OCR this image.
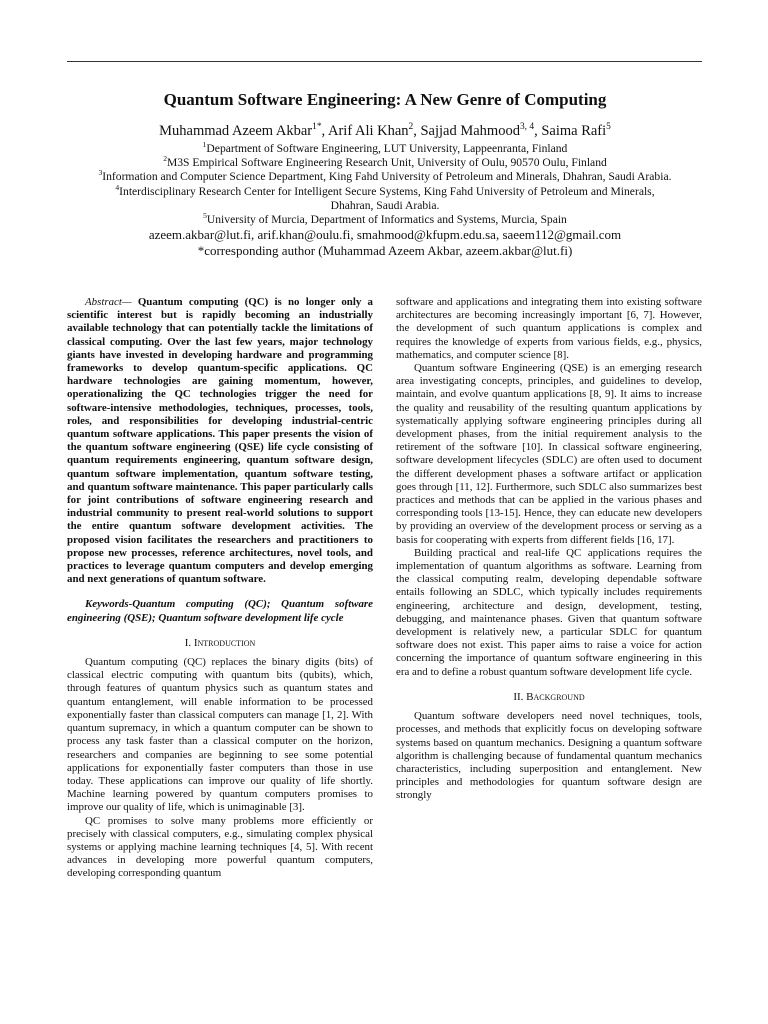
Quantum Software Engineering: A New Genre of Computing
Muhammad Azeem Akbar$^{1*}$, Arif Ali Khan$^2$, Sajjad Mahmood$^{3, 4}$, Saima Rafi$^5$

$^1$Department of Software Engineering, LUT University, Lappeenranta, Finland

$^2$M3S Empirical Software Engineering Research Unit, University of Oulu, 90570 Oulu, Finland

$^3$Information and Computer Science Department, King Fahd University of Petroleum and Minerals, Dhahran, Saudi Arabia.

$^4$Interdisciplinary Research Center for Intelligent Secure Systems, King Fahd University of Petroleum and Minerals, Dhahran, Saudi Arabia.

$^5$University of Murcia, Department of Informatics and Systems, Murcia, Spain

azeem.akbar@lut.fi, arif.khan@oulu.fi, smahmood@kfupm.edu.sa, saeem112@gmail.com

*corresponding author (Muhammad Azeem Akbar, azeem.akbar@lut.fi)

Abstract— Quantum computing (QC) is no longer only a scientific interest but is rapidly becoming an industrially available technology that can potentially tackle the limitations of classical computing. Over the last few years, major technology giants have invested in developing hardware and programming frameworks to develop quantum-specific applications. QC hardware technologies are gaining momentum, however, operationalizing the QC technologies trigger the need for software-intensive methodologies, techniques, processes, tools, roles, and responsibilities for developing industrial-centric quantum software applications. This paper presents the vision of the quantum software engineering (QSE) life cycle consisting of quantum requirements engineering, quantum software design, quantum software implementation, quantum software testing, and quantum software maintenance. This paper particularly calls for joint contributions of software engineering research and industrial community to present real-world solutions to support the entire quantum software development activities. The proposed vision facilitates the researchers and practitioners to propose new processes, reference architectures, novel tools, and practices to leverage quantum computers and develop emerging and next generations of quantum software.

Keywords-Quantum computing (QC); Quantum software engineering (QSE); Quantum software development life cycle

I. Introduction

Quantum computing (QC) replaces the binary digits (bits) of classical electric computing with quantum bits (qubits), which, through features of quantum physics such as quantum states and quantum entanglement, will enable information to be processed exponentially faster than classical computers can manage [1, 2]. With quantum supremacy, in which a quantum computer can be shown to process any task faster than a classical computer on the horizon, researchers and companies are beginning to see some potential applications for exponentially faster computers than those in use today. These applications can improve our quality of life shortly. Machine learning powered by quantum computers promises to improve our quality of life, which is unimaginable [3].

QC promises to solve many problems more efficiently or precisely with classical computers, e.g., simulating complex physical systems or applying machine learning techniques [4, 5]. With recent advances in developing more powerful quantum computers, developing corresponding quantum

software and applications and integrating them into existing software architectures are becoming increasingly important [6, 7]. However, the development of such quantum applications is complex and requires the knowledge of experts from various fields, e.g., physics, mathematics, and computer science [8].

Quantum software Engineering (QSE) is an emerging research area investigating concepts, principles, and guidelines to develop, maintain, and evolve quantum applications [8, 9]. It aims to increase the quality and reusability of the resulting quantum applications by systematically applying software engineering principles during all development phases, from the initial requirement analysis to the retirement of the software [10]. In classical software engineering, software development lifecycles (SDLC) are often used to document the different development phases a software artifact or application goes through [11, 12]. Furthermore, such SDLC also summarizes best practices and methods that can be applied in the various phases and corresponding tools [13-15]. Hence, they can educate new developers by providing an overview of the development process or serving as a basis for cooperating with experts from different fields [16, 17].

Building practical and real-life QC applications requires the implementation of quantum algorithms as software. Learning from the classical computing realm, developing dependable software entails following an SDLC, which typically includes requirements engineering, architecture and design, development, testing, debugging, and maintenance phases. Given that quantum software development is relatively new, a particular SDLC for quantum software does not exist. This paper aims to raise a voice for action concerning the importance of quantum software engineering in this era and to define a robust quantum software development life cycle.

II. Background

Quantum software developers need novel techniques, tools, processes, and methods that explicitly focus on developing software systems based on quantum mechanics. Designing a quantum software algorithm is challenging because of fundamental quantum mechanics characteristics, including superposition and entanglement. New principles and methodologies for quantum software design are strongly
